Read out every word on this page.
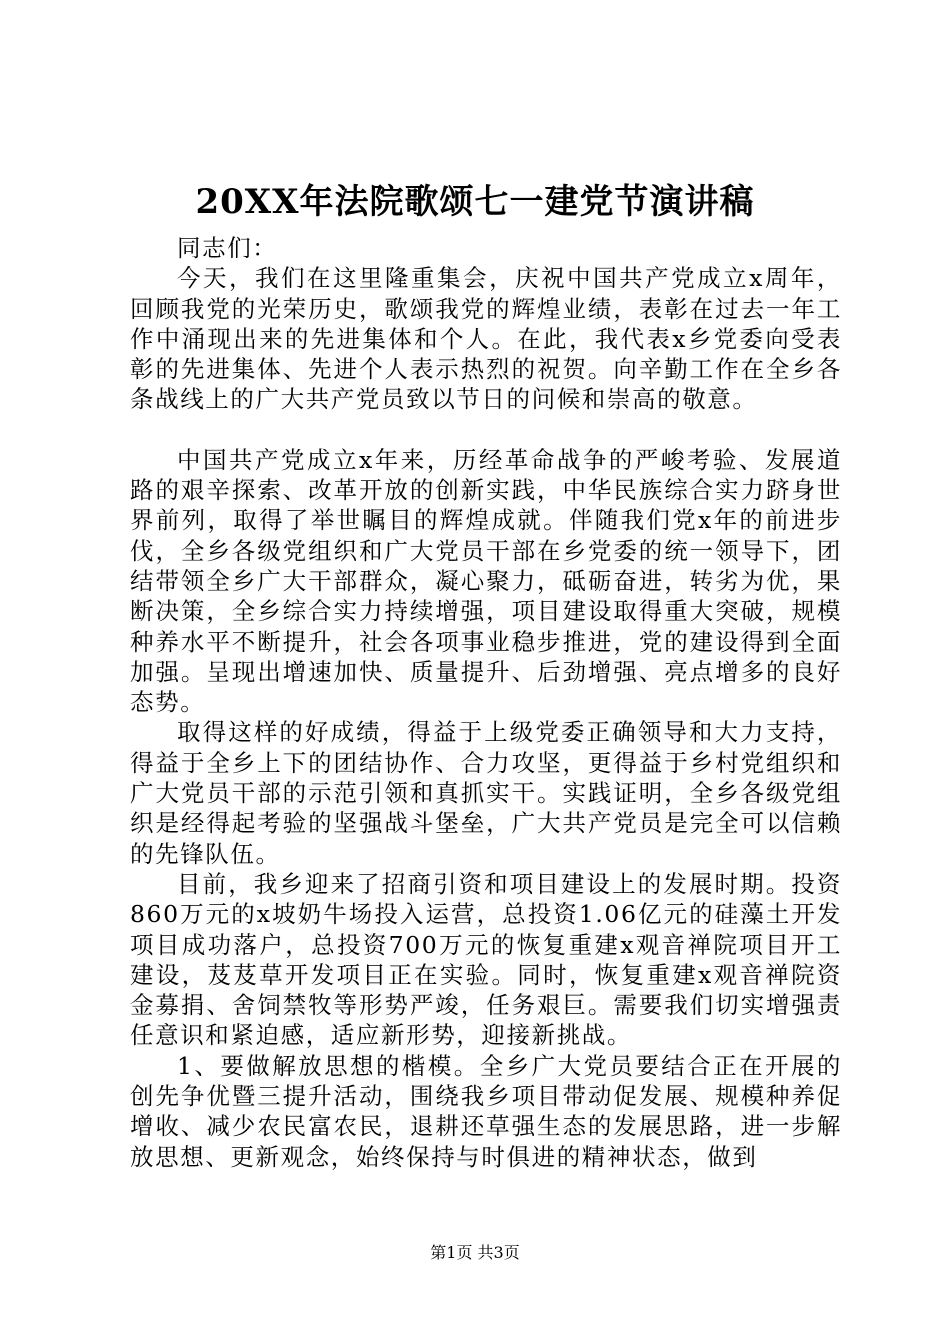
20XX年法院歌颂七一建党节演讲稿

同志们：

今天，我们在这里隆重集会，庆祝中国共产党成立x周年，回顾我党的光荣历史，歌颂我党的辉煌业绩，表彰在过去一年工作中涌现出来的先进集体和个人。在此，我代表x乡党委向受表彰的先进集体、先进个人表示热烈的祝贺。向辛勤工作在全乡各条战线上的广大共产党员致以节日的问候和崇高的敬意。

中国共产党成立x年来，历经革命战争的严峻考验、发展道路的艰辛探索、改革开放的创新实践，中华民族综合实力跻身世界前列，取得了举世瞩目的辉煌成就。伴随我们党x年的前进步伐，全乡各级党组织和广大党员干部在乡党委的统一领导下，团结带领全乡广大干部群众，凝心聚力，砥砺奋进，转劣为优，果断决策，全乡综合实力持续增强，项目建设取得重大突破，规模种养水平不断提升，社会各项事业稳步推进，党的建设得到全面加强。呈现出增速加快、质量提升、后劲增强、亮点增多的良好态势。

取得这样的好成绩，得益于上级党委正确领导和大力支持，得益于全乡上下的团结协作、合力攻坚，更得益于乡村党组织和广大党员干部的示范引领和真抓实干。实践证明，全乡各级党组织是经得起考验的坚强战斗堡垒，广大共产党员是完全可以信赖的先锋队伍。

目前，我乡迎来了招商引资和项目建设上的发展时期。投资860万元的x坡奶牛场投入运营，总投资1.06亿元的硅藻土开发项目成功落户，总投资700万元的恢复重建x观音禅院项目开工建设，芨芨草开发项目正在实验。同时，恢复重建x观音禅院资金募捐、舍饲禁牧等形势严竣，任务艰巨。需要我们切实增强责任意识和紧迫感，适应新形势，迎接新挑战。

1、要做解放思想的楷模。全乡广大党员要结合正在开展的创先争优暨三提升活动，围绕我乡项目带动促发展、规模种养促增收、减少农民富农民，退耕还草强生态的发展思路，进一步解放思想、更新观念，始终保持与时俱进的精神状态，做到

第1页 共3页
